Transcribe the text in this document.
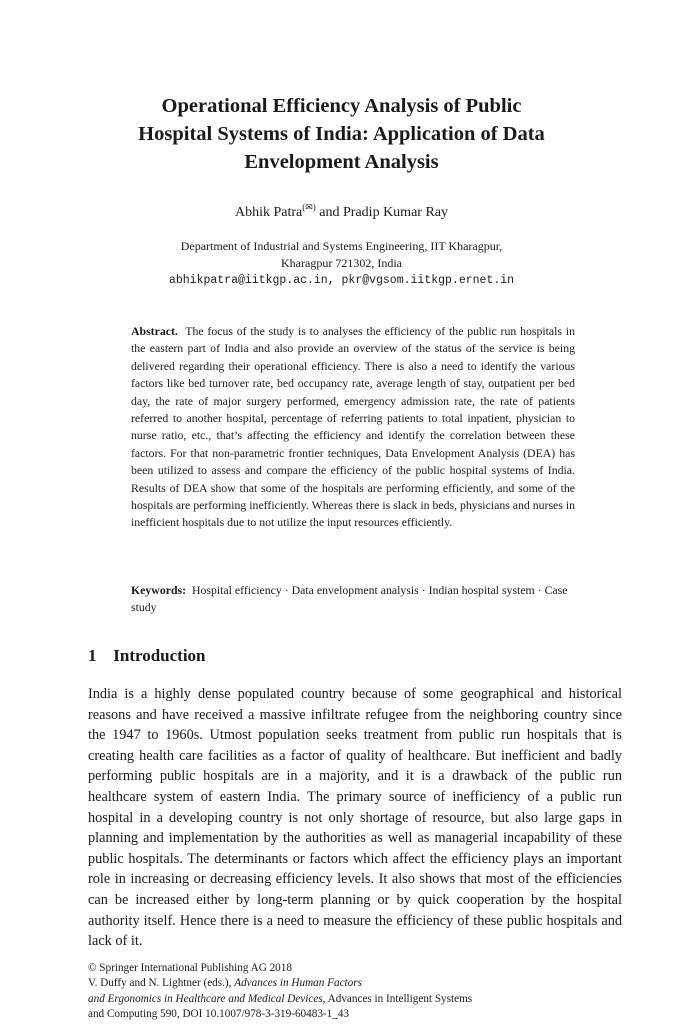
Operational Efficiency Analysis of Public
Hospital Systems of India: Application of Data
Envelopment Analysis
Abhik Patra(✉) and Pradip Kumar Ray
Department of Industrial and Systems Engineering, IIT Kharagpur,
Kharagpur 721302, India
abhikpatra@iitkgp.ac.in, pkr@vgsom.iitkgp.ernet.in
Abstract. The focus of the study is to analyses the efficiency of the public run hospitals in the eastern part of India and also provide an overview of the status of the service is being delivered regarding their operational efficiency. There is also a need to identify the various factors like bed turnover rate, bed occupancy rate, average length of stay, outpatient per bed day, the rate of major surgery performed, emergency admission rate, the rate of patients referred to another hospital, percentage of referring patients to total inpatient, physician to nurse ratio, etc., that’s affecting the efficiency and identify the correlation between these factors. For that non-parametric frontier techniques, Data Envelopment Analysis (DEA) has been utilized to assess and compare the efficiency of the public hospital systems of India. Results of DEA show that some of the hospitals are performing efficiently, and some of the hospitals are performing inefficiently. Whereas there is slack in beds, physicians and nurses in inefficient hospitals due to not utilize the input resources efficiently.
Keywords: Hospital efficiency · Data envelopment analysis · Indian hospital system · Case study
1 Introduction
India is a highly dense populated country because of some geographical and historical reasons and have received a massive infiltrate refugee from the neighboring country since the 1947 to 1960s. Utmost population seeks treatment from public run hospitals that is creating health care facilities as a factor of quality of healthcare. But inefficient and badly performing public hospitals are in a majority, and it is a drawback of the public run healthcare system of eastern India. The primary source of inefficiency of a public run hospital in a developing country is not only shortage of resource, but also large gaps in planning and implementation by the authorities as well as managerial incapability of these public hospitals. The determinants or factors which affect the efficiency plays an important role in increasing or decreasing efficiency levels. It also shows that most of the efficiencies can be increased either by long-term planning or by quick cooperation by the hospital authority itself. Hence there is a need to measure the efficiency of these public hospitals and lack of it.
© Springer International Publishing AG 2018
V. Duffy and N. Lightner (eds.), Advances in Human Factors
and Ergonomics in Healthcare and Medical Devices, Advances in Intelligent Systems
and Computing 590, DOI 10.1007/978-3-319-60483-1_43
